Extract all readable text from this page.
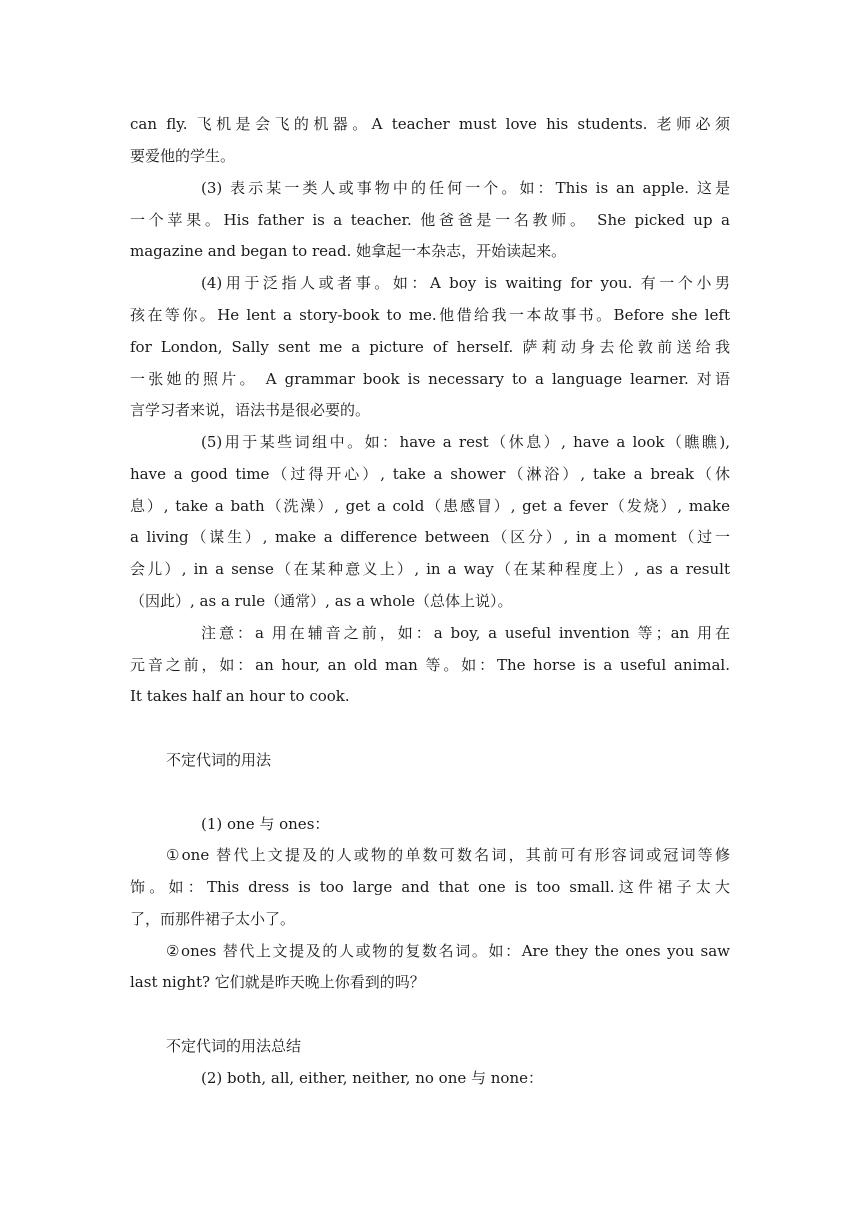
can fly. 飞机是会飞的机器。A teacher must love his students. 老师必须
要爱他的学生。
(3) 表示某一类人或事物中的任何一个。如：This is an apple. 这是
一个苹果。His father is a teacher. 他爸爸是一名教师。 She picked up a
magazine and began to read. 她拿起一本杂志，开始读起来。
(4)用于泛指人或者事。如：A boy is waiting for you. 有一个小男
孩在等你。He lent a story-book to me.他借给我一本故事书。Before she left
for London, Sally sent me a picture of herself. 萨莉动身去伦敦前送给我
一张她的照片。 A grammar book is necessary to a language learner. 对语
言学习者来说，语法书是很必要的。
(5)用于某些词组中。如：have a rest（休息）, have a look（瞧瞧),
have a good time（过得开心）, take a shower（淋浴）, take a break（休
息）, take a bath（洗澡）, get a cold（患感冒）, get a fever（发烧）, make
a living（谋生）, make a difference between（区分）, in a moment（过一
会儿）, in a sense（在某种意义上）, in a way（在某种程度上）, as a result
（因此）, as a rule（通常）, as a whole（总体上说）。
注意：a 用在辅音之前，如：a boy, a useful invention 等；an 用在
元音之前，如：an hour, an old man 等。如：The horse is a useful animal.
It takes half an hour to cook.
不定代词的用法
(1) one 与 ones：
①one 替代上文提及的人或物的单数可数名词，其前可有形容词或冠词等修
饰。如：This dress is too large and that one is too small.这件裙子太大
了，而那件裙子太小了。
②ones 替代上文提及的人或物的复数名词。如：Are they the ones you saw
last night? 它们就是昨天晚上你看到的吗？
不定代词的用法总结
(2) both, all, either, neither, no one 与 none：
